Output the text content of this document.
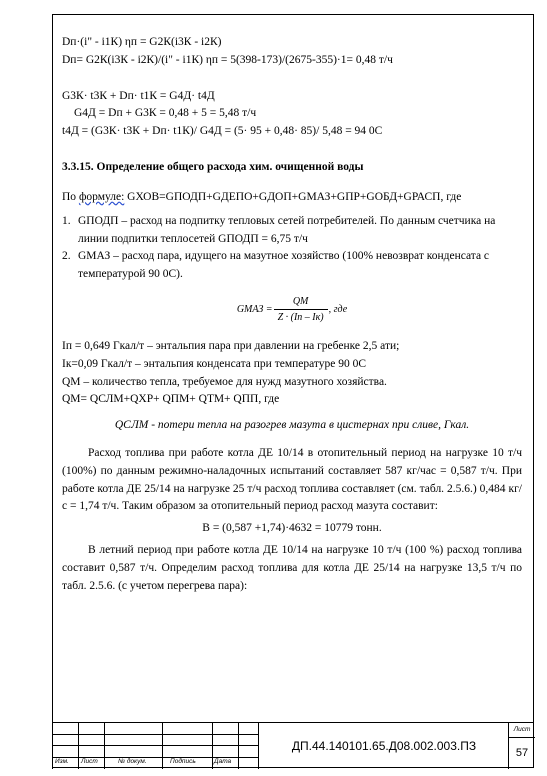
Dп·(i" - i1К) ηп = G2К(i3К - i2К)
Dп= G2К(i3К - i2К)/(i" - i1К) ηп = 5(398-173)/(2675-355)·1= 0,48 т/ч
G3К· t3К + Dп· t1К = G4Д· t4Д
G4Д = Dп + G3К = 0,48 + 5 = 5,48 т/ч
t4Д = (G3К· t3К + Dп· t1К)/ G4Д = (5· 95 + 0,48· 85)/ 5,48 = 94 0С
3.3.15. Определение общего расхода хим. очищенной воды
По формуле: GХОВ=GПОДП+GДЕПО+GДОП+GМАЗ+GПР+GОБД+GРАСП, где
1. GПОДП – расход на подпитку тепловых сетей потребителей. По данным счетчика на линии подпитки теплосетей GПОДП = 6,75 т/ч
2. GМАЗ – расход пара, идущего на мазутное хозяйство (100% невозврат конденсата с температурой 90 0С).
GМАЗ =	QМ	, где
Z · (Iп – Iк)
Iп = 0,649 Гкал/т – энтальпия пара при давлении на гребенке 2,5 ати;
Iк=0,09 Гкал/т – энтальпия конденсата при температуре 90 0С
QМ – количество тепла, требуемое для нужд мазутного хозяйства.
QМ= QСЛМ+QХР+ QПМ+ QТМ+ QПП, где
QСЛМ - потери тепла на разогрев мазута в цистернах при сливе, Гкал.
Расход топлива при работе котла ДЕ 10/14 в отопительный период на нагрузке 10 т/ч (100%) по данным режимно-наладочных испытаний составляет 587 кг/час = 0,587 т/ч. При работе котла ДЕ 25/14 на нагрузке 25 т/ч расход топлива составляет (см. табл. 2.5.6.) 0,484 кг/с = 1,74 т/ч. Таким образом за отопительный период расход мазута составит:
B = (0,587 +1,74)·4632 = 10779 тонн.
В летний период при работе котла ДЕ 10/14 на нагрузке 10 т/ч (100 %) расход топлива составит 0,587 т/ч. Определим расход топлива для котла ДЕ 25/14 на нагрузке 13,5 т/ч по табл. 2.5.6. (с учетом перегрева пара):
Изм. Лист	№ докум.	Подпись	Дата
ДП.44.140101.65.Д08.002.003.ПЗ
Лист
57
